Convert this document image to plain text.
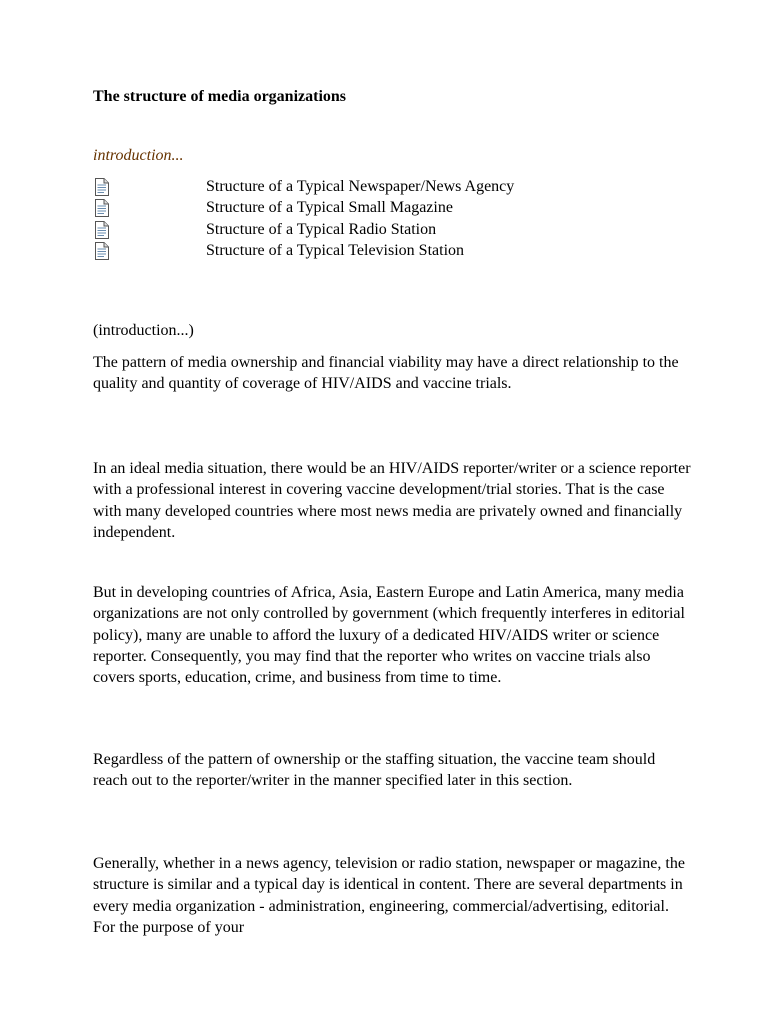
The structure of media organizations
introduction...
Structure of a Typical Newspaper/News Agency
Structure of a Typical Small Magazine
Structure of a Typical Radio Station
Structure of a Typical Television Station
(introduction...)

The pattern of media ownership and financial viability may have a direct relationship to the quality and quantity of coverage of HIV/AIDS and vaccine trials.

In an ideal media situation, there would be an HIV/AIDS reporter/writer or a science reporter with a professional interest in covering vaccine development/trial stories. That is the case with many developed countries where most news media are privately owned and financially independent.

But in developing countries of Africa, Asia, Eastern Europe and Latin America, many media organizations are not only controlled by government (which frequently interferes in editorial policy), many are unable to afford the luxury of a dedicated HIV/AIDS writer or science reporter. Consequently, you may find that the reporter who writes on vaccine trials also covers sports, education, crime, and business from time to time.

Regardless of the pattern of ownership or the staffing situation, the vaccine team should reach out to the reporter/writer in the manner specified later in this section.

Generally, whether in a news agency, television or radio station, newspaper or magazine, the structure is similar and a typical day is identical in content. There are several departments in every media organization - administration, engineering, commercial/advertising, editorial. For the purpose of your
